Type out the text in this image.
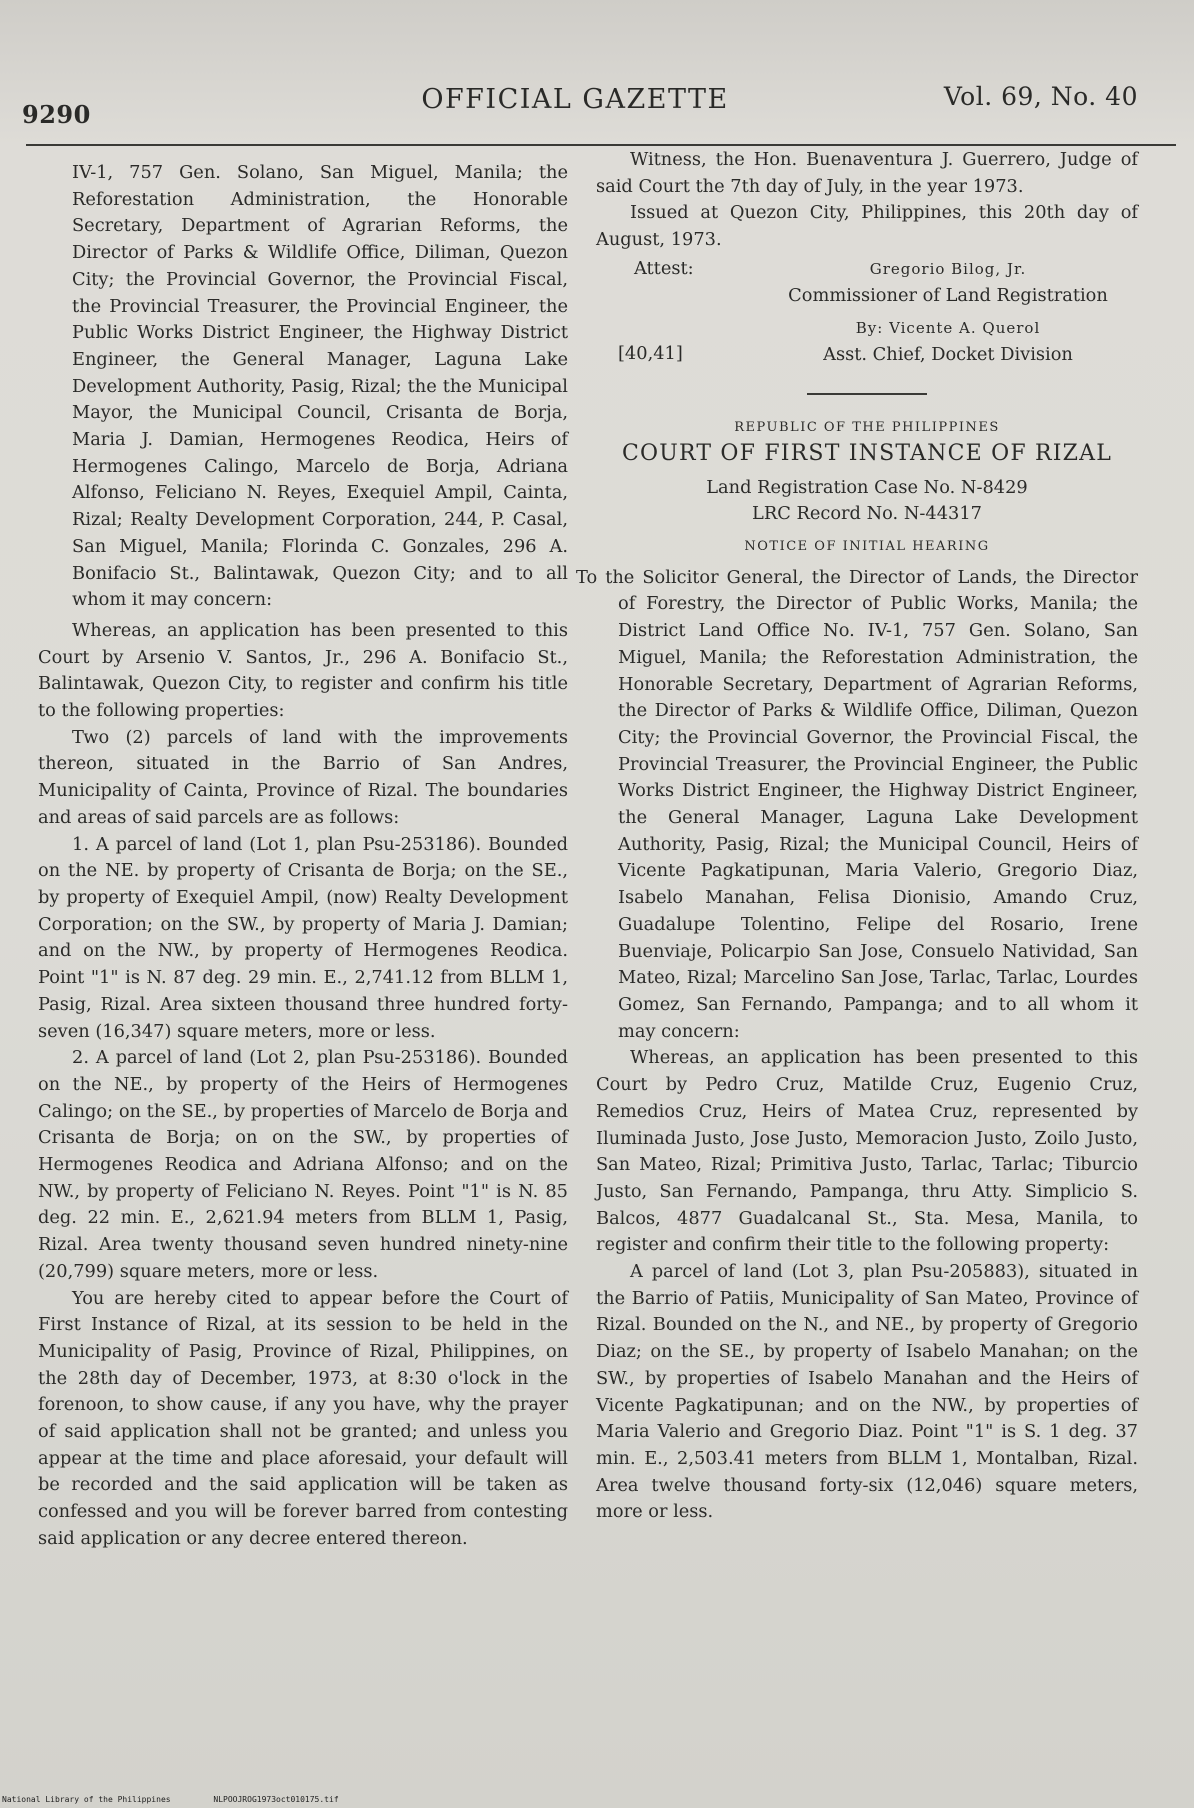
9290	OFFICIAL GAZETTE	Vol. 69, No. 40

IV-1, 757 Gen. Solano, San Miguel, Manila; the Reforestation Administration, the Honorable Secretary, Department of Agrarian Reforms, the Director of Parks & Wildlife Office, Diliman, Quezon City; the Provincial Governor, the Provincial Fiscal, the Provincial Treasurer, the Provincial Engineer, the Public Works District Engineer, the Highway District Engineer, the General Manager, Laguna Lake Development Authority, Pasig, Rizal; the the Municipal Mayor, the Municipal Council, Crisanta de Borja, Maria J. Damian, Hermogenes Reodica, Heirs of Hermogenes Calingo, Marcelo de Borja, Adriana Alfonso, Feliciano N. Reyes, Exequiel Ampil, Cainta, Rizal; Realty Development Corporation, 244, P. Casal, San Miguel, Manila; Florinda C. Gonzales, 296 A. Bonifacio St., Balintawak, Quezon City; and to all whom it may concern:

Whereas, an application has been presented to this Court by Arsenio V. Santos, Jr., 296 A. Bonifacio St., Balintawak, Quezon City, to register and confirm his title to the following properties:

Two (2) parcels of land with the improvements thereon, situated in the Barrio of San Andres, Municipality of Cainta, Province of Rizal. The boundaries and areas of said parcels are as follows:

1. A parcel of land (Lot 1, plan Psu-253186). Bounded on the NE. by property of Crisanta de Borja; on the SE., by property of Exequiel Ampil, (now) Realty Development Corporation; on the SW., by property of Maria J. Damian; and on the NW., by property of Hermogenes Reodica. Point "1" is N. 87 deg. 29 min. E., 2,741.12 from BLLM 1, Pasig, Rizal. Area sixteen thousand three hundred forty-seven (16,347) square meters, more or less.

2. A parcel of land (Lot 2, plan Psu-253186). Bounded on the NE., by property of the Heirs of Hermogenes Calingo; on the SE., by properties of Marcelo de Borja and Crisanta de Borja; on on the SW., by properties of Hermogenes Reodica and Adriana Alfonso; and on the NW., by property of Feliciano N. Reyes. Point "1" is N. 85 deg. 22 min. E., 2,621.94 meters from BLLM 1, Pasig, Rizal. Area twenty thousand seven hundred ninety-nine (20,799) square meters, more or less.

You are hereby cited to appear before the Court of First Instance of Rizal, at its session to be held in the Municipality of Pasig, Province of Rizal, Philippines, on the 28th day of December, 1973, at 8:30 o'lock in the forenoon, to show cause, if any you have, why the prayer of said application shall not be granted; and unless you appear at the time and place aforesaid, your default will be recorded and the said application will be taken as confessed and you will be forever barred from contesting said application or any decree entered thereon.

Witness, the Hon. Buenaventura J. Guerrero, Judge of said Court the 7th day of July, in the year 1973.

Issued at Quezon City, Philippines, this 20th day of August, 1973.

Attest:	Gregorio Bilog, Jr.
Commissioner of Land Registration
[40,41]
By: Vicente A. Querol
Asst. Chief, Docket Division
REPUBLIC OF THE PHILIPPINES
COURT OF FIRST INSTANCE OF RIZAL
Land Registration Case No. N-8429
LRC Record No. N-44317
NOTICE OF INITIAL HEARING

To the Solicitor General, the Director of Lands, the Director of Forestry, the Director of Public Works, Manila; the District Land Office No. IV-1, 757 Gen. Solano, San Miguel, Manila; the Reforestation Administration, the Honorable Secretary, Department of Agrarian Reforms, the Director of Parks & Wildlife Office, Diliman, Quezon City; the Provincial Governor, the Provincial Fiscal, the Provincial Treasurer, the Provincial Engineer, the Public Works District Engineer, the Highway District Engineer, the General Manager, Laguna Lake Development Authority, Pasig, Rizal; the Municipal Council, Heirs of Vicente Pagkatipunan, Maria Valerio, Gregorio Diaz, Isabelo Manahan, Felisa Dionisio, Amando Cruz, Guadalupe Tolentino, Felipe del Rosario, Irene Buenviaje, Policarpio San Jose, Consuelo Natividad, San Mateo, Rizal; Marcelino San Jose, Tarlac, Tarlac, Lourdes Gomez, San Fernando, Pampanga; and to all whom it may concern:

Whereas, an application has been presented to this Court by Pedro Cruz, Matilde Cruz, Eugenio Cruz, Remedios Cruz, Heirs of Matea Cruz, represented by Iluminada Justo, Jose Justo, Memoracion Justo, Zoilo Justo, San Mateo, Rizal; Primitiva Justo, Tarlac, Tarlac; Tiburcio Justo, San Fernando, Pampanga, thru Atty. Simplicio S. Balcos, 4877 Guadalcanal St., Sta. Mesa, Manila, to register and confirm their title to the following property:

A parcel of land (Lot 3, plan Psu-205883), situated in the Barrio of Patiis, Municipality of San Mateo, Province of Rizal. Bounded on the N., and NE., by property of Gregorio Diaz; on the SE., by property of Isabelo Manahan; on the SW., by properties of Isabelo Manahan and the Heirs of Vicente Pagkatipunan; and on the NW., by properties of Maria Valerio and Gregorio Diaz. Point "1" is S. 1 deg. 37 min. E., 2,503.41 meters from BLLM 1, Montalban, Rizal. Area twelve thousand forty-six (12,046) square meters, more or less.

National Library of the Philippines	NLPOOJROG1973oct010175.tif
